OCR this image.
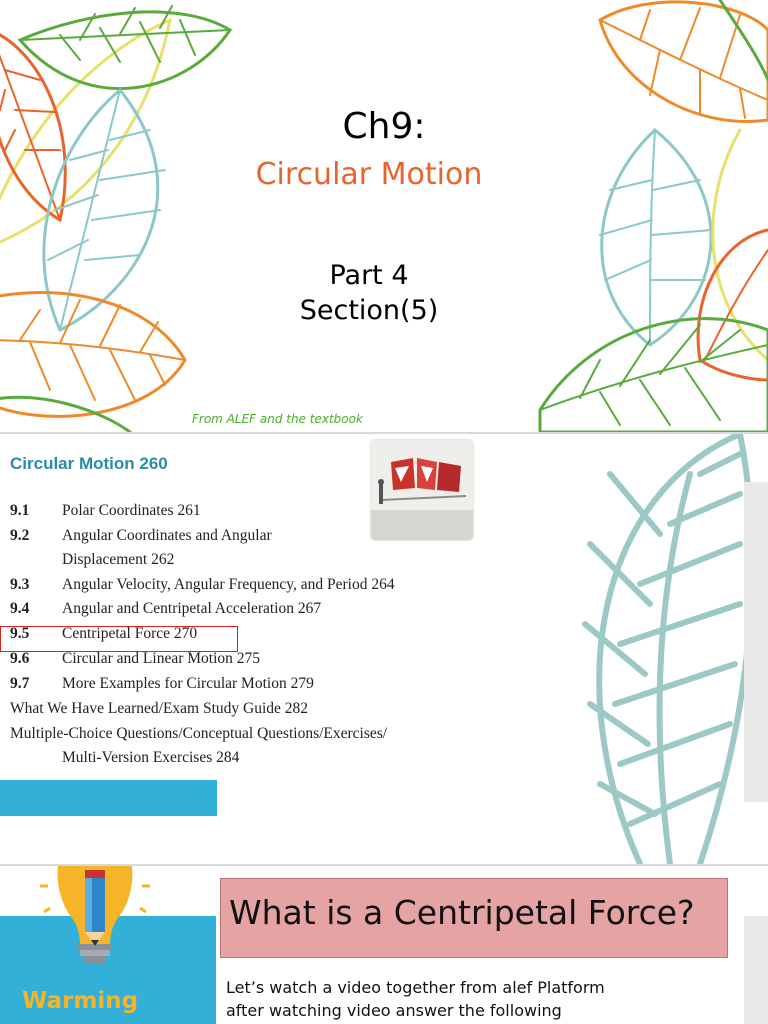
Ch9:
Circular Motion
Part 4
Section(5)
From ALEF and the textbook
Circular Motion 260
9.1 Polar Coordinates 261
9.2 Angular Coordinates and Angular
Displacement 262
9.3 Angular Velocity, Angular Frequency, and Period 264
9.4 Angular and Centripetal Acceleration 267
9.5 Centripetal Force 270
9.6 Circular and Linear Motion 275
9.7 More Examples for Circular Motion 279
What We Have Learned/Exam Study Guide 282
Multiple-Choice Questions/Conceptual Questions/Exercises/
Multi-Version Exercises 284
Warming
What is a Centripetal Force?
Let’s watch a video together from alef Platform
after watching video answer the following
